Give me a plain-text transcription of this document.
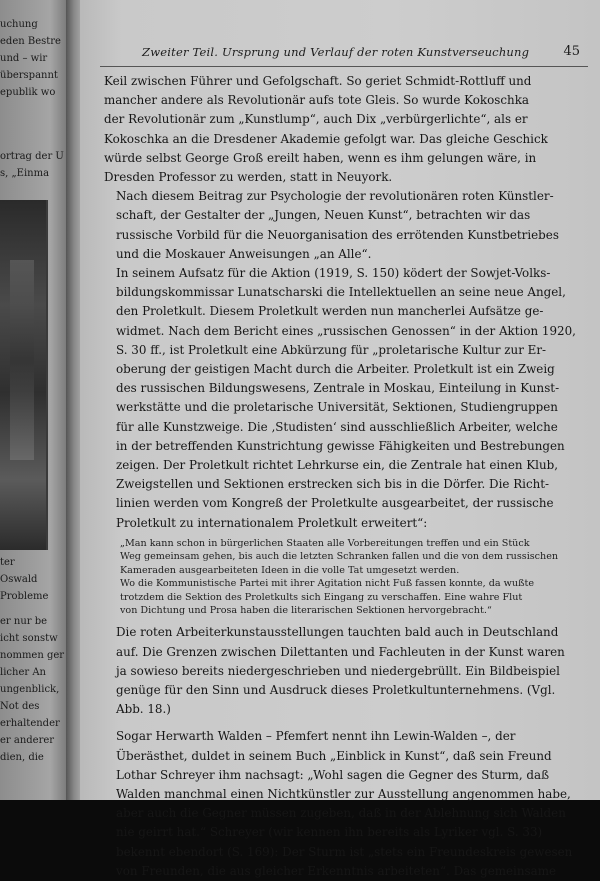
uchung
eden Bestre
und – wir
überspannt
epublik wo
ortrag der U
s, „Einma
ter
Oswald
Probleme
er nur be
icht sonstw
nommen ger
licher An
ungenblick,
Not des
erhaltender
er anderer
dien, die
Zweiter Teil. Ursprung und Verlauf der roten Kunstverseuchung	45

Keil zwischen Führer und Gefolgschaft. So geriet Schmidt-Rottluff und
mancher andere als Revolutionär aufs tote Gleis. So wurde Kokoschka
der Revolutionär zum „Kunstlump“, auch Dix „verbürgerlichte“, als er
Kokoschka an die Dresdener Akademie gefolgt war. Das gleiche Geschick
würde selbst George Groß ereilt haben, wenn es ihm gelungen wäre, in
Dresden Professor zu werden, statt in Neuyork.

Nach diesem Beitrag zur Psychologie der revolutionären roten Künstler-
schaft, der Gestalter der „Jungen, Neuen Kunst“, betrachten wir das
russische Vorbild für die Neuorganisation des errötenden Kunstbetriebes
und die Moskauer Anweisungen „an Alle“.

In seinem Aufsatz für die Aktion (1919, S. 150) ködert der Sowjet-Volks-
bildungskommissar Lunatscharski die Intellektuellen an seine neue Angel,
den Proletkult. Diesem Proletkult werden nun mancherlei Aufsätze ge-
widmet. Nach dem Bericht eines „russischen Genossen“ in der Aktion 1920,
S. 30 ff., ist Proletkult eine Abkürzung für „proletarische Kultur zur Er-
oberung der geistigen Macht durch die Arbeiter. Proletkult ist ein Zweig
des russischen Bildungswesens, Zentrale in Moskau, Einteilung in Kunst-
werkstätte und die proletarische Universität, Sektionen, Studiengruppen
für alle Kunstzweige. Die ‚Studisten‘ sind ausschließlich Arbeiter, welche
in der betreffenden Kunstrichtung gewisse Fähigkeiten und Bestrebungen
zeigen. Der Proletkult richtet Lehrkurse ein, die Zentrale hat einen Klub,
Zweigstellen und Sektionen erstrecken sich bis in die Dörfer. Die Richt-
linien werden vom Kongreß der Proletkulte ausgearbeitet, der russische
Proletkult zu internationalem Proletkult erweitert“:

„Man kann schon in bürgerlichen Staaten alle Vorbereitungen treffen und ein Stück
Weg gemeinsam gehen, bis auch die letzten Schranken fallen und die von dem russischen
Kameraden ausgearbeiteten Ideen in die volle Tat umgesetzt werden.
Wo die Kommunistische Partei mit ihrer Agitation nicht Fuß fassen konnte, da wußte
trotzdem die Sektion des Proletkults sich Eingang zu verschaffen. Eine wahre Flut
von Dichtung und Prosa haben die literarischen Sektionen hervorgebracht.“

Die roten Arbeiterkunstausstellungen tauchten bald auch in Deutschland
auf. Die Grenzen zwischen Dilettanten und Fachleuten in der Kunst waren
ja sowieso bereits niedergeschrieben und niedergebrüllt. Ein Bildbeispiel
genüge für den Sinn und Ausdruck dieses Proletkultunternehmens. (Vgl.
Abb. 18.)

Sogar Herwarth Walden – Pfemfert nennt ihn Lewin-Walden –, der
Überästhet, duldet in seinem Buch „Einblick in Kunst“, daß sein Freund
Lothar Schreyer ihm nachsagt: „Wohl sagen die Gegner des Sturm, daß
Walden manchmal einen Nichtkünstler zur Ausstellung angenommen habe,
aber auch die Gegner müssen zugeben, daß in der Ablehnung sich Walden
nie geirrt hat.“ Schreyer (wir kennen ihn bereits als Lyriker vgl. S. 33)
bekennt ebendort (S. 169): Der Sturm ist „stets ein Freundeskreis gewesen
von Freunden, die aus gleicher Erkenntnis arbeiteten“. Das gemeinsame
